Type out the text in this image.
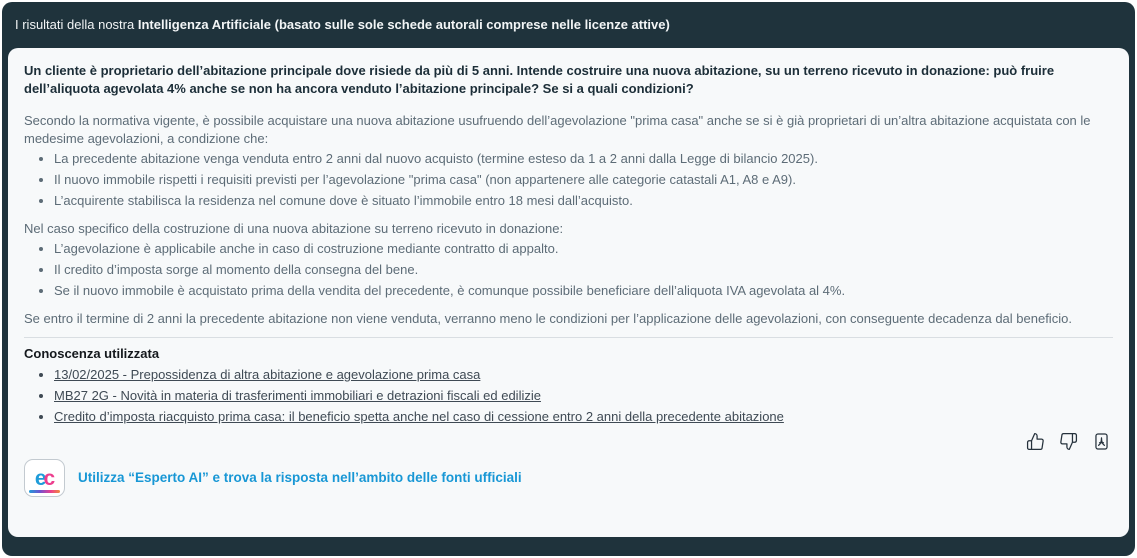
I risultati della nostra Intelligenza Artificiale (basato sulle sole schede autorali comprese nelle licenze attive)

Un cliente è proprietario dell’abitazione principale dove risiede da più di 5 anni. Intende costruire una nuova abitazione, su un terreno ricevuto in donazione: può fruire dell’aliquota agevolata 4% anche se non ha ancora venduto l’abitazione principale? Se si a quali condizioni?

Secondo la normativa vigente, è possibile acquistare una nuova abitazione usufruendo dell’agevolazione "prima casa" anche se si è già proprietari di un’altra abitazione acquistata con le medesime agevolazioni, a condizione che:

• La precedente abitazione venga venduta entro 2 anni dal nuovo acquisto (termine esteso da 1 a 2 anni dalla Legge di bilancio 2025).
• Il nuovo immobile rispetti i requisiti previsti per l’agevolazione "prima casa" (non appartenere alle categorie catastali A1, A8 e A9).
• L’acquirente stabilisca la residenza nel comune dove è situato l’immobile entro 18 mesi dall’acquisto.

Nel caso specifico della costruzione di una nuova abitazione su terreno ricevuto in donazione:

• L’agevolazione è applicabile anche in caso di costruzione mediante contratto di appalto.
• Il credito d’imposta sorge al momento della consegna del bene.
• Se il nuovo immobile è acquistato prima della vendita del precedente, è comunque possibile beneficiare dell’aliquota IVA agevolata al 4%.

Se entro il termine di 2 anni la precedente abitazione non viene venduta, verranno meno le condizioni per l’applicazione delle agevolazioni, con conseguente decadenza dal beneficio.

Conoscenza utilizzata

• 13/02/2025 - Prepossidenza di altra abitazione e agevolazione prima casa
• MB27 2G - Novità in materia di trasferimenti immobiliari e detrazioni fiscali ed edilizie
• Credito d’imposta riacquisto prima casa: il beneficio spetta anche nel caso di cessione entro 2 anni della precedente abitazione
e
c Utilizza “Esperto AI” e trova la risposta nell’ambito delle fonti ufficiali
